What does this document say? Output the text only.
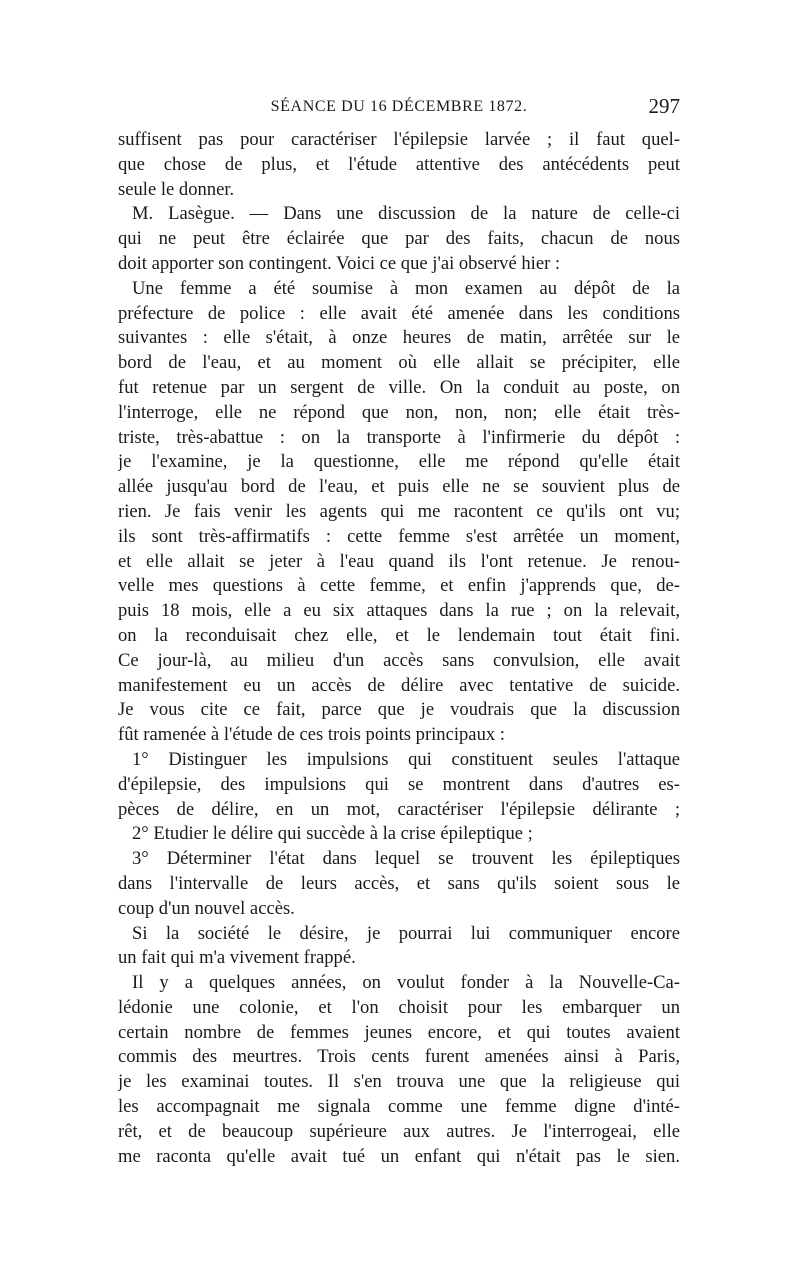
SÉANCE DU 16 DÉCEMBRE 1872.	297
suffisent pas pour caractériser l'épilepsie larvée ; il faut quel-
que chose de plus, et l'étude attentive des antécédents peut
seule le donner.
M. Lasègue. — Dans une discussion de la nature de celle-ci
qui ne peut être éclairée que par des faits, chacun de nous
doit apporter son contingent. Voici ce que j'ai observé hier :
Une femme a été soumise à mon examen au dépôt de la
préfecture de police : elle avait été amenée dans les conditions
suivantes : elle s'était, à onze heures de matin, arrêtée sur le
bord de l'eau, et au moment où elle allait se précipiter, elle
fut retenue par un sergent de ville. On la conduit au poste, on
l'interroge, elle ne répond que non, non, non; elle était très-
triste, très-abattue : on la transporte à l'infirmerie du dépôt :
je l'examine, je la questionne, elle me répond qu'elle était
allée jusqu'au bord de l'eau, et puis elle ne se souvient plus de
rien. Je fais venir les agents qui me racontent ce qu'ils ont vu;
ils sont très-affirmatifs : cette femme s'est arrêtée un moment,
et elle allait se jeter à l'eau quand ils l'ont retenue. Je renou-
velle mes questions à cette femme, et enfin j'apprends que, de-
puis 18 mois, elle a eu six attaques dans la rue ; on la relevait,
on la reconduisait chez elle, et le lendemain tout était fini.
Ce jour-là, au milieu d'un accès sans convulsion, elle avait
manifestement eu un accès de délire avec tentative de suicide.
Je vous cite ce fait, parce que je voudrais que la discussion
fût ramenée à l'étude de ces trois points principaux :
1° Distinguer les impulsions qui constituent seules l'attaque
d'épilepsie, des impulsions qui se montrent dans d'autres es-
pèces de délire, en un mot, caractériser l'épilepsie délirante ;
2° Etudier le délire qui succède à la crise épileptique ;
3° Déterminer l'état dans lequel se trouvent les épileptiques
dans l'intervalle de leurs accès, et sans qu'ils soient sous le
coup d'un nouvel accès.
Si la société le désire, je pourrai lui communiquer encore
un fait qui m'a vivement frappé.
Il y a quelques années, on voulut fonder à la Nouvelle-Ca-
lédonie une colonie, et l'on choisit pour les embarquer un
certain nombre de femmes jeunes encore, et qui toutes avaient
commis des meurtres. Trois cents furent amenées ainsi à Paris,
je les examinai toutes. Il s'en trouva une que la religieuse qui
les accompagnait me signala comme une femme digne d'inté-
rêt, et de beaucoup supérieure aux autres. Je l'interrogeai, elle
me raconta qu'elle avait tué un enfant qui n'était pas le sien.
